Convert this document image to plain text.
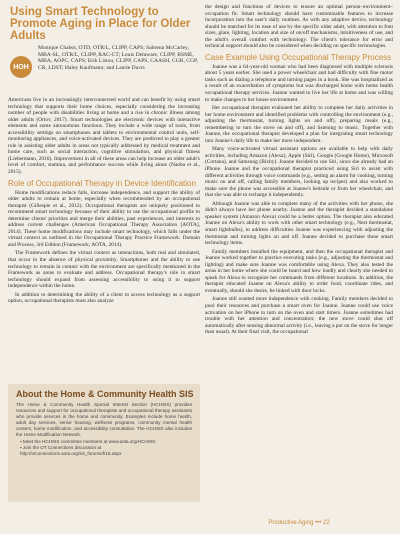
Using Smart Technology to Promote Aging in Place for Older Adults
HOH
Monique Chabot, OTD, OTR/L, CLIPP, CAPS; Sabrena McCarley, MBA-SL, OTR/L, CLIPP, RAC-CT; Louis Delaware, CLIPP, BSME, MBA, AOPC, CAPS; Erik Listou, CLIPP, CAPS, CAASH, CGR, CGP, CR, LDST; Haley Kaufmann; and Laurie Davis

Americans live in an increasingly interconnected world and can benefit by using smart technology that supports their home choices, especially considering the increasing number of people with disabilities living at home and a rise in chronic illness among older adults (Orlov, 2017). Smart technologies are electronic devices with interactive elements and some autonomous functions. They include a wide range of tools, from accessibility settings on smartphones and tablets to environmental control units, self-monitoring appliances, and voice-activated devices. They are predicted to play a greater role in assisting older adults in areas not typically addressed by medical treatment and home care, such as social interaction, cognitive stimulation, and physical fitness (Liebermann, 2016). Improvement in all of these areas can help increase an older adult's level of comfort, stamina, and performance success while living alone (Naoba et al., 2015).

Role of Occupational Therapy in Device Identification

Home modifications reduce falls, increase independence, and support the ability of older adults to remain at home, especially when recommended by an occupational therapist (Gillespie et al., 2012). Occupational therapists are uniquely positioned to recommend smart technology because of their ability to use the occupational profile to determine clients' priorities and merge their abilities, past experiences, and interests to address current challenges (American Occupational Therapy Association [AOTA], 2014). These home modifications may include smart technology, which falls under the virtual context as outlined in the Occupational Therapy Practice Framework: Domain and Process, 3rd Edition (Framework; AOTA, 2014).

The Framework defines the virtual context as interactions, both real and simulated, that occur in the absence of physical proximity. Smartphones and the ability to use technology to remain in contact with the environment are specifically mentioned in the Framework as areas to evaluate and address. Occupational therapy's role in smart technology should expand from assessing accessibility to using it to support independence within the home.

In addition to determining the ability of a client to access technology as a support option, occupational therapists must also analyze

About the Home & Community Health SIS

The Home & Community Health Special Interest Section (HCHSIS) provides resources and support for occupational therapists and occupational therapy assistants who provide services in the home and community. Examples include home health, adult day services, senior housing, wellness programs, community mental health centers, home modification, and accessibility consultation. The HCHSIS also includes the Home Modification Network.

▪ Meet the HCHSIS committee members at www.aota.org/HCHSIS.
▪ Join the OT Connections discussion at http://otconnections.aota.org/sis_forums/f/15.aspx

the design and functions of devices to ensure an optimal person–environment–occupation fit. Smart technology should have customizable features to increase incorporation into the user's daily routines. As with any adaptive device, technology should be matched for its ease of use by the specific older adult, with attention to font sizes, glare, lighting, location and size of on/off mechanisms, intuitiveness of use, and the adult's overall comfort with technology. The client's tolerance for error and technical support should also be considered when deciding on specific technologies.

Case Example Using Occupational Therapy Process

Joanne was a 64-year-old woman who had been diagnosed with multiple sclerosis about 5 years earlier. She used a power wheelchair and had difficulty with fine motor tasks such as dialing a telephone and turning pages in a book. She was hospitalized as a result of an exacerbation of symptoms but was discharged home with home health occupational therapy services. Joanne wanted to live her life at home and was willing to make changes to her house environment.

Her occupational therapist evaluated her ability to complete her daily activities in her home environment and identified problems with controlling the environment (e.g., adjusting the thermostat, turning lights on and off), preparing meals (e.g., remembering to turn the stove on and off), and listening to music. Together with Joanne, the occupational therapist developed a plan for integrating smart technology into Joanne's daily life to make her more independent.

Many voice-activated virtual assistant options are available to help with daily activities, including Amazon (Alexa), Apple (Siri), Google (Google Home), Microsoft (Cortana), and Samsung (Bixby). Joanne decided to use Siri, since she already had an iPhone. Joanne and the occupational therapist practiced using Siri to assist with different activities through voice commands (e.g., setting an alarm for cooking, turning music on and off, calling family members, looking up recipes) and also worked to make sure the phone was accessible at Joanne's bedside or from her wheelchair, and that she was able to recharge it independently.

Although Joanne was able to complete many of the activities with her phone, she didn't always have her phone nearby. Joanne and the therapist decided a standalone speaker system (Amazon Alexa) could be a better option. The therapist also educated Joanne on Alexa's ability to work with other smart technology (e.g., Nest thermostat, smart lightbulbs), to address difficulties Joanne was experiencing with adjusting the thermostat and turning lights on and off. Joanne decided to purchase these smart technology items.

Family members installed the equipment, and then the occupational therapist and Joanne worked together to practice executing tasks (e.g., adjusting the thermostat and lighting) and make sure Joanne was comfortable using Alexa. They also tested the areas in her home where she could be heard and how loudly and clearly she needed to speak for Alexa to recognize her commands from different locations. In addition, the therapist educated Joanne on Alexa's ability to order food, coordinate rides, and eventually, should she desire, be linked with door locks.

Joanne still wanted more independence with cooking. Family members decided to pool their resources and purchase a smart oven for Joanne. Joanne could use voice activation on her iPhone to turn on the oven and start timers. Joanne sometimes had trouble with her attention and concentration; the new stove could shut off automatically after sensing abnormal activity (i.e., leaving a pot on the stove for longer than usual). At their final visit, the occupational

Productive Aging ••• 22
